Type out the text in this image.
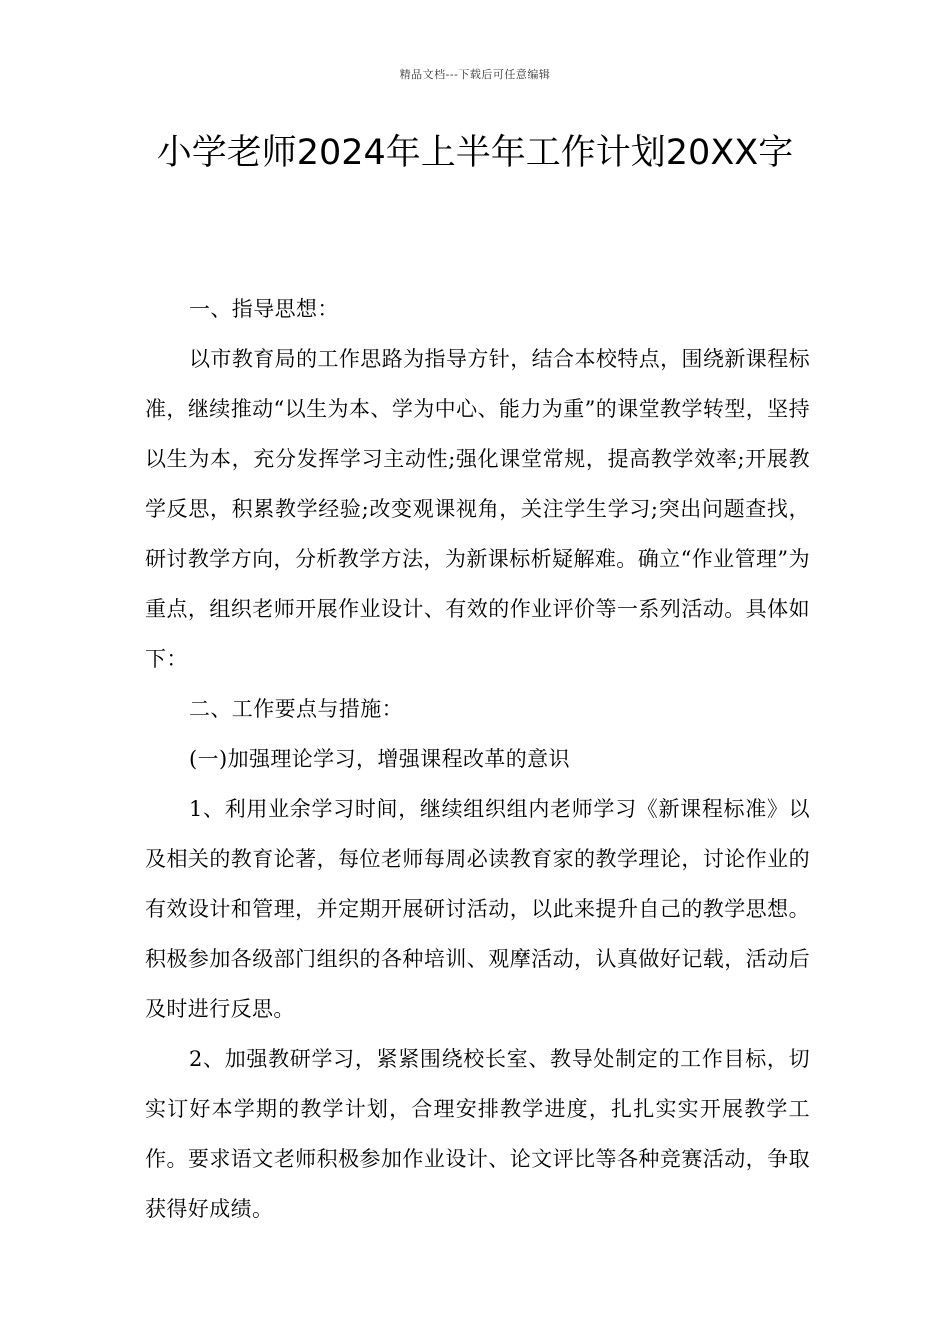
精品文档---下载后可任意编辑
小学老师2024年上半年工作计划20XX字

一、指导思想：

以市教育局的工作思路为指导方针，结合本校特点，围绕新课程标准，继续推动“以生为本、学为中心、能力为重”的课堂教学转型，坚持以生为本，充分发挥学习主动性;强化课堂常规，提高教学效率;开展教学反思，积累教学经验;改变观课视角，关注学生学习;突出问题查找，研讨教学方向，分析教学方法，为新课标析疑解难。确立“作业管理”为重点，组织老师开展作业设计、有效的作业评价等一系列活动。具体如下：

二、工作要点与措施：

(一)加强理论学习，增强课程改革的意识

1、利用业余学习时间，继续组织组内老师学习《新课程标准》以及相关的教育论著，每位老师每周必读教育家的教学理论，讨论作业的有效设计和管理，并定期开展研讨活动，以此来提升自己的教学思想。积极参加各级部门组织的各种培训、观摩活动，认真做好记载，活动后及时进行反思。

2、加强教研学习，紧紧围绕校长室、教导处制定的工作目标，切实订好本学期的教学计划，合理安排教学进度，扎扎实实开展教学工作。要求语文老师积极参加作业设计、论文评比等各种竞赛活动，争取获得好成绩。
